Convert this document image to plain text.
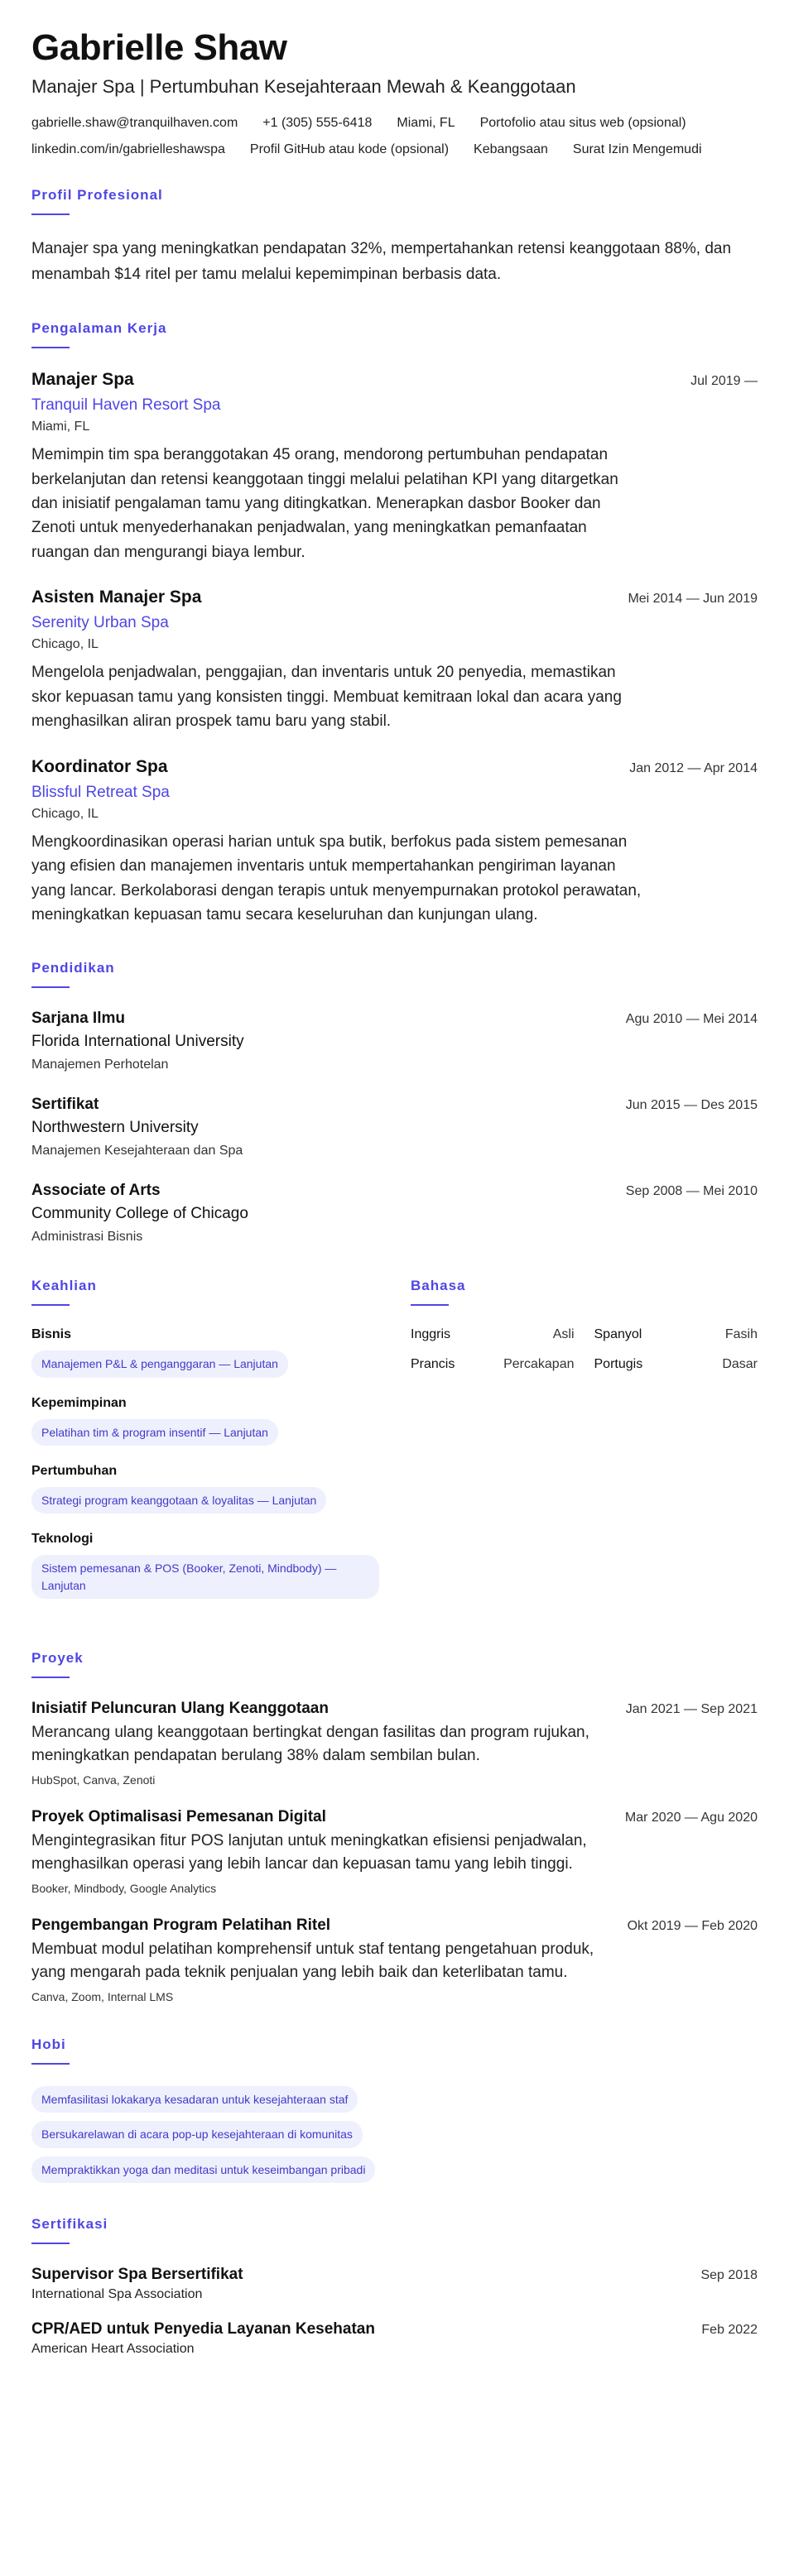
Gabrielle Shaw
Manajer Spa | Pertumbuhan Kesejahteraan Mewah & Keanggotaan
gabrielle.shaw@tranquilhaven.com +1 (305) 555-6418 Miami, FL Portofolio atau situs web (opsional)
linkedin.com/in/gabrielleshawspa Profil GitHub atau kode (opsional) Kebangsaan Surat Izin Mengemudi
Profil Profesional

Manajer spa yang meningkatkan pendapatan 32%, mempertahankan retensi keanggotaan 88%, dan menambah $14 ritel per tamu melalui kepemimpinan berbasis data.

Pengalaman Kerja
Manajer Spa	Jul 2019 —
Tranquil Haven Resort Spa
Miami, FL

Memimpin tim spa beranggotakan 45 orang, mendorong pertumbuhan pendapatan berkelanjutan dan retensi keanggotaan tinggi melalui pelatihan KPI yang ditargetkan dan inisiatif pengalaman tamu yang ditingkatkan. Menerapkan dasbor Booker dan Zenoti untuk menyederhanakan penjadwalan, yang meningkatkan pemanfaatan ruangan dan mengurangi biaya lembur.

Asisten Manajer Spa	Mei 2014 — Jun 2019
Serenity Urban Spa
Chicago, IL

Mengelola penjadwalan, penggajian, dan inventaris untuk 20 penyedia, memastikan skor kepuasan tamu yang konsisten tinggi. Membuat kemitraan lokal dan acara yang menghasilkan aliran prospek tamu baru yang stabil.

Koordinator Spa	Jan 2012 — Apr 2014
Blissful Retreat Spa
Chicago, IL

Mengkoordinasikan operasi harian untuk spa butik, berfokus pada sistem pemesanan yang efisien dan manajemen inventaris untuk mempertahankan pengiriman layanan yang lancar. Berkolaborasi dengan terapis untuk menyempurnakan protokol perawatan, meningkatkan kepuasan tamu secara keseluruhan dan kunjungan ulang.

Pendidikan
Sarjana Ilmu	Agu 2010 — Mei 2014
Florida International University
Manajemen Perhotelan
Sertifikat	Jun 2015 — Des 2015
Northwestern University
Manajemen Kesejahteraan dan Spa
Associate of Arts	Sep 2008 — Mei 2010
Community College of Chicago
Administrasi Bisnis
Keahlian
Bisnis
Manajemen P&L & penganggaran — Lanjutan
Kepemimpinan
Pelatihan tim & program insentif — Lanjutan
Pertumbuhan
Strategi program keanggotaan & loyalitas — Lanjutan
Teknologi
Sistem pemesanan & POS (Booker, Zenoti, Mindbody) — Lanjutan
Bahasa
Inggris	Asli Spanyol	Fasih
Prancis	Percakapan Portugis	Dasar
Proyek
Inisiatif Peluncuran Ulang Keanggotaan	Jan 2021 — Sep 2021

Merancang ulang keanggotaan bertingkat dengan fasilitas dan program rujukan, meningkatkan pendapatan berulang 38% dalam sembilan bulan.

HubSpot, Canva, Zenoti
Proyek Optimalisasi Pemesanan Digital	Mar 2020 — Agu 2020

Mengintegrasikan fitur POS lanjutan untuk meningkatkan efisiensi penjadwalan, menghasilkan operasi yang lebih lancar dan kepuasan tamu yang lebih tinggi.

Booker, Mindbody, Google Analytics
Pengembangan Program Pelatihan Ritel	Okt 2019 — Feb 2020

Membuat modul pelatihan komprehensif untuk staf tentang pengetahuan produk, yang mengarah pada teknik penjualan yang lebih baik dan keterlibatan tamu.

Canva, Zoom, Internal LMS
Hobi
Memfasilitasi lokakarya kesadaran untuk kesejahteraan staf
Bersukarelawan di acara pop-up kesejahteraan di komunitas
Mempraktikkan yoga dan meditasi untuk keseimbangan pribadi
Sertifikasi
Supervisor Spa Bersertifikat	Sep 2018
International Spa Association
CPR/AED untuk Penyedia Layanan Kesehatan	Feb 2022
American Heart Association
